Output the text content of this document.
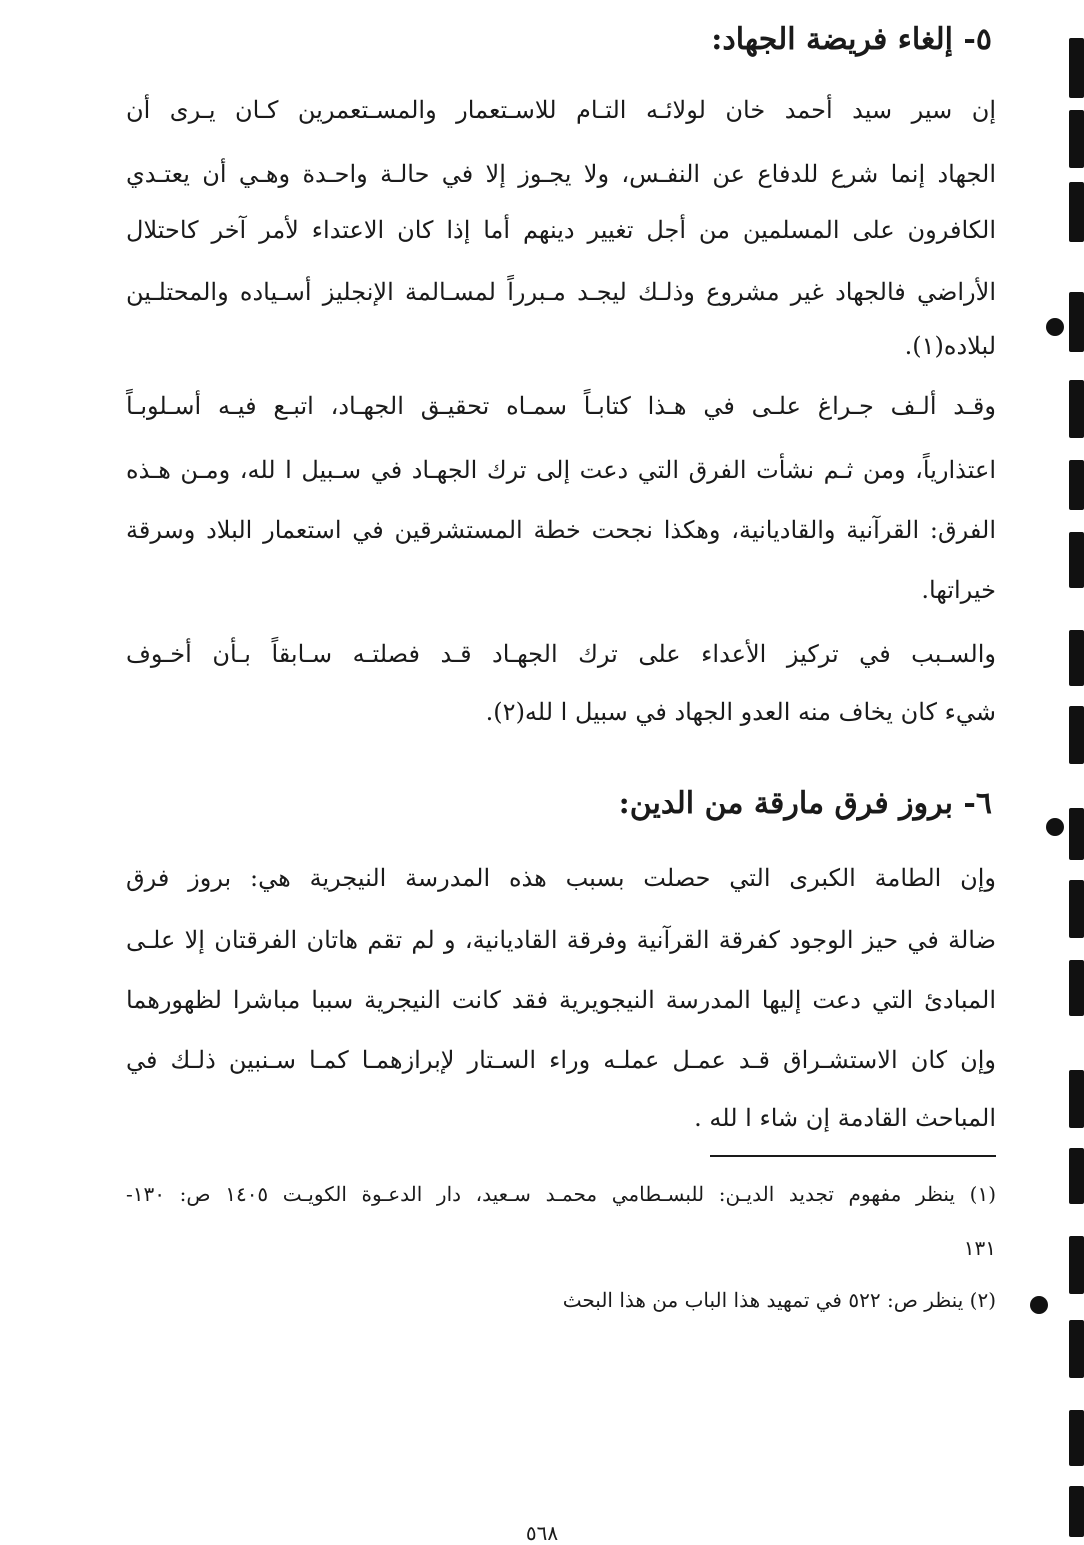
٥- إلغاء فريضة الجهاد:
إن سير سيد أحمد خان لولائـه التـام للاسـتعمار والمسـتعمرين كـان يـرى أن
الجهاد إنما شرع للدفاع عن النفـس، ولا يجـوز إلا في حالـة واحـدة وهـي أن يعتـدي
الكافرون على المسلمين من أجل تغيير دينهم أما إذا كان الاعتداء لأمر آخر كاحتلال
الأراضي فالجهاد غير مشروع وذلـك ليجـد مـبرراً لمسـالمة الإنجليز أسـياده والمحتلـين
لبلاده(١).
وقـد ألـف جـراغ علـى في هـذا كتابـاً سمـاه تحقيـق الجهـاد، اتبـع فيـه أسـلوبـاً
اعتذارياً، ومن ثـم نشأت الفرق التي دعت إلى ترك الجهـاد في سـبيل ا لله، ومـن هـذه
الفرق: القرآنية والقاديانية، وهكذا نجحت خطة المستشرقين في استعمار البلاد وسرقة
خيراتها.
والسـبب في تركيز الأعداء على ترك الجهـاد قـد فصلتـه سـابقاً بـأن أخـوف
شيء كان يخاف منه العدو الجهاد في سبيل ا لله(٢).
٦- بروز فرق مارقة من الدين:
وإن الطامة الكبرى التي حصلت بسبب هذه المدرسة النيجرية هي: بروز فرق
ضالة في حيز الوجود كفرقة القرآنية وفرقة القاديانية، و لم تقم هاتان الفرقتان إلا علـى
المبادئ التي دعت إليها المدرسة النيجويرية فقد كانت النيجرية سببا مباشرا لظهورهما
وإن كان الاستشـراق قـد عمـل عملـه وراء السـتار لإبرازهمـا كمـا سـنبين ذلـك في
المباحث القادمة إن شاء ا لله .
(١) ينظر مفهوم تجديد الديـن: للبسـطامي محمـد سـعيد، دار الدعـوة الكويـت ١٤٠٥ ص: ١٣٠-
١٣١
(٢) ينظر ص: ٥٢٢ في تمهيد هذا الباب من هذا البحث
٥٦٨
